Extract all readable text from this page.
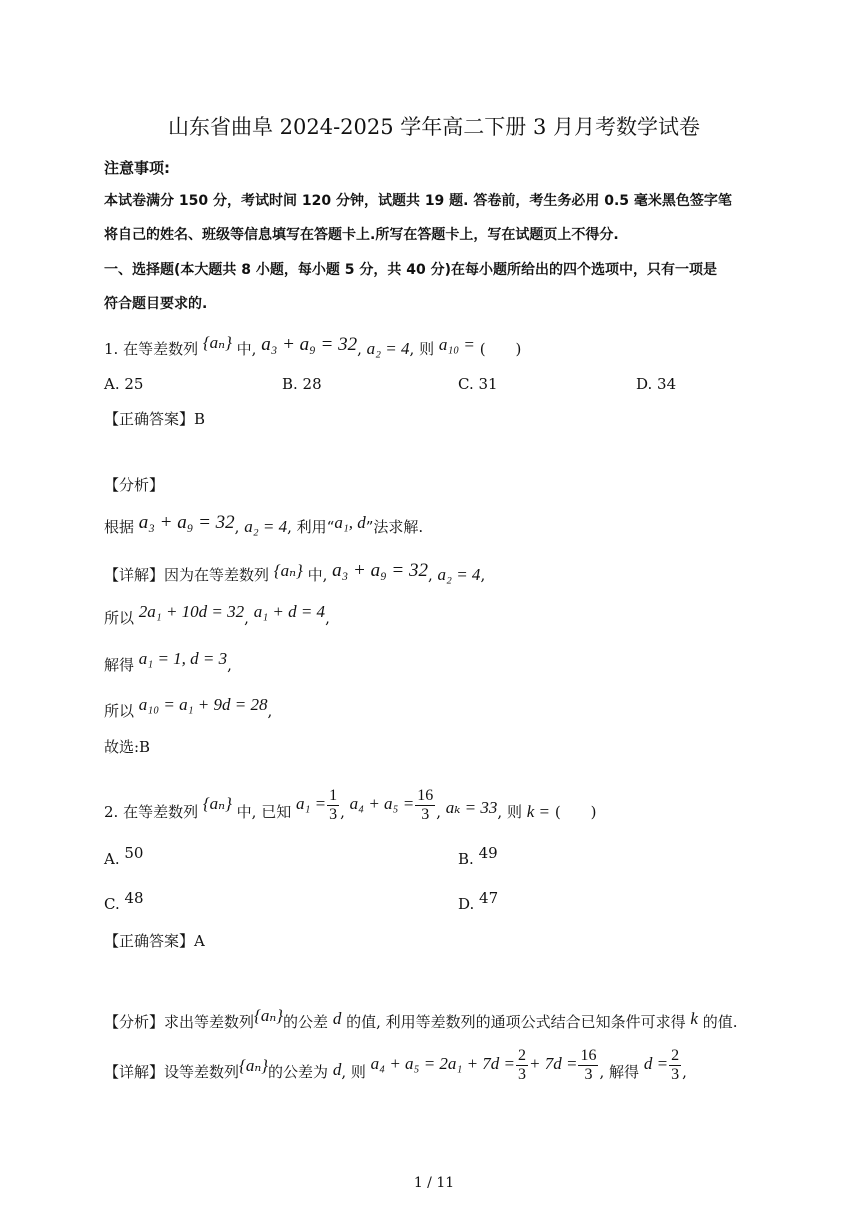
山东省曲阜 2024-2025 学年高二下册 3 月月考数学试卷
注意事项:
本试卷满分 150 分，考试时间 120 分钟，试题共 19 题. 答卷前，考生务必用 0.5 毫米黑色签字笔
将自己的姓名、班级等信息填写在答题卡上.所写在答题卡上，写在试题页上不得分.
一、选择题(本大题共 8 小题，每小题 5 分，共 40 分)在每小题所给出的四个选项中，只有一项是
符合题目要求的.
1. 在等差数列 {aₙ} 中, a₃ + a₉ = 32, a₂ = 4, 则 a₁₀ = (　　)
A. 25	B. 28	C. 31	D. 34
【正确答案】B
【分析】
根据 a₃ + a₉ = 32, a₂ = 4, 利用“a₁, d”法求解.
【详解】因为在等差数列 {aₙ} 中, a₃ + a₉ = 32, a₂ = 4,
所以 2a₁ + 10d = 32, a₁ + d = 4,
解得 a₁ = 1, d = 3,
所以 a₁₀ = a₁ + 9d = 28,
故选:B
2. 在等差数列 {aₙ} 中, 已知 $a_1 = \frac{1}{3}$ , $a_4 + a_5 = \frac{16}{3}$ , aₖ = 33, 则 k = (　　)
A. 50	B. 49
C. 48	D. 47
【正确答案】A
【分析】求出等差数列{aₙ}的公差 d 的值, 利用等差数列的通项公式结合已知条件可求得 k 的值.
【详解】设等差数列{aₙ}的公差为 d, 则 $a_4 + a_5 = 2a_1 + 7d = \frac{2}{3} + 7d = \frac{16}{3}$ , 解得 $d = \frac{2}{3}$ ,
1 / 11
